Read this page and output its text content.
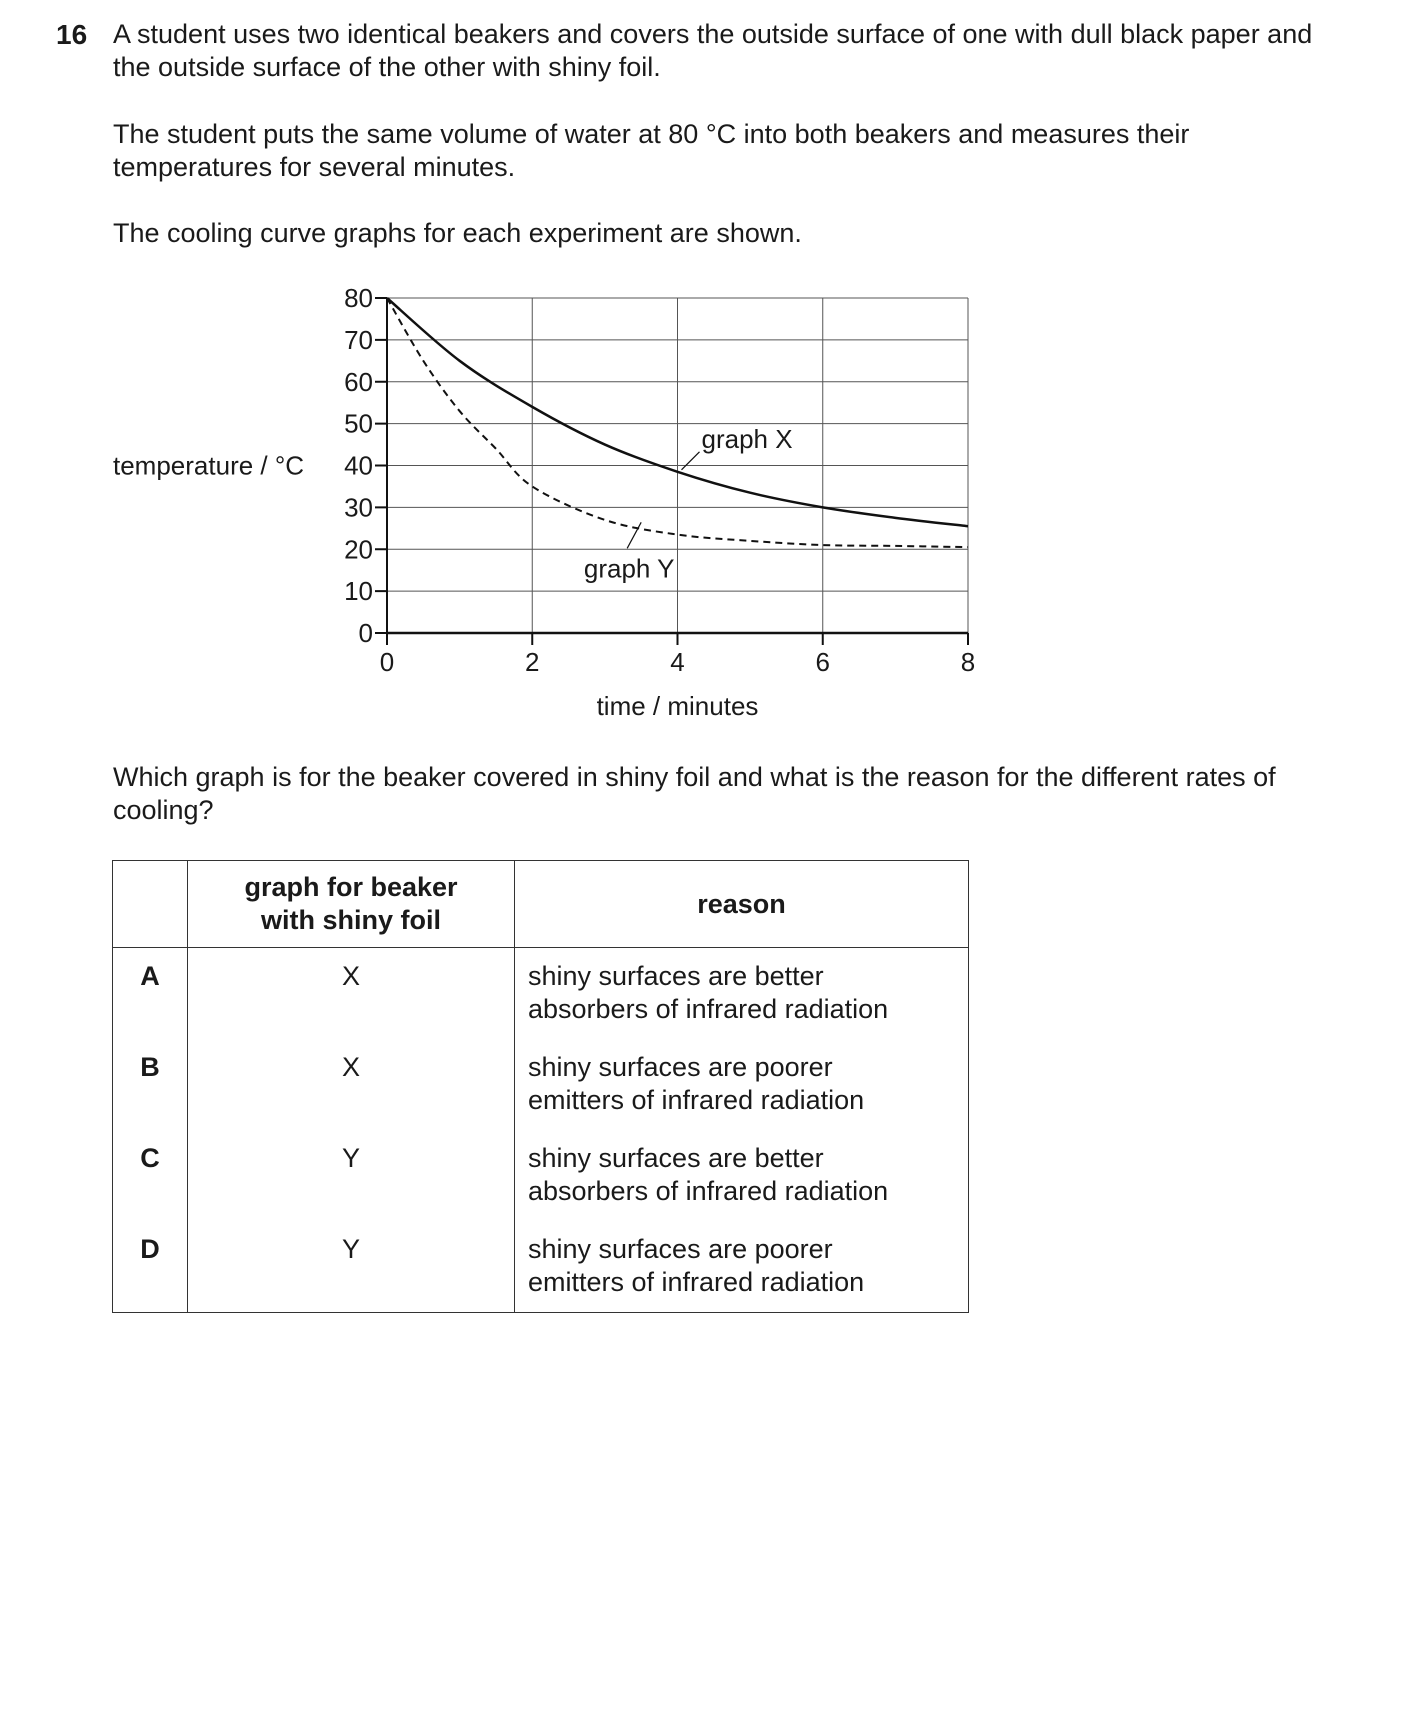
16 A student uses two identical beakers and covers the outside surface of one with dull black paper and the outside surface of the other with shiny foil.

The student puts the same volume of water at 80 °C into both beakers and measures their temperatures for several minutes.

The cooling curve graphs for each experiment are shown.

0
10
20
30
40
50
60
70
80
0	2	4	6	8
temperature / °C
time / minutes
graph X
graph Y

Which graph is for the beaker covered in shiny foil and what is the reason for the different rates of cooling?

	graph for beaker with shiny foil	reason
A	X	shiny surfaces are better
absorbers of infrared radiation

B	X	shiny surfaces are poorer
emitters of infrared radiation

C	Y	shiny surfaces are better
absorbers of infrared radiation

D	Y	shiny surfaces are poorer
emitters of infrared radiation
